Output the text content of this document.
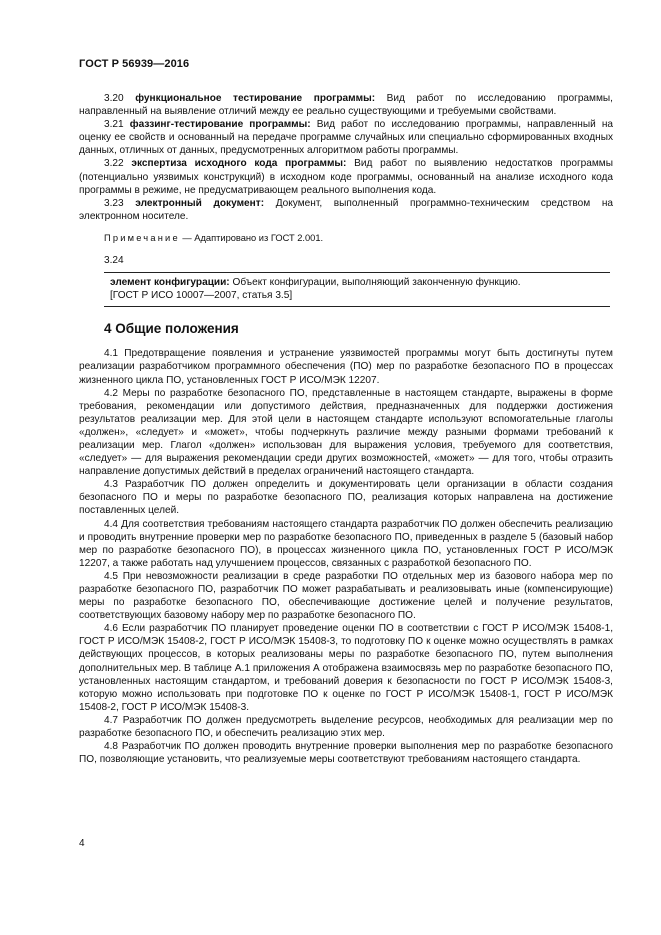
ГОСТ Р 56939—2016

3.20 функциональное тестирование программы: Вид работ по исследованию программы, направленный на выявление отличий между ее реально существующими и требуемыми свойствами.

3.21 фаззинг-тестирование программы: Вид работ по исследованию программы, направленный на оценку ее свойств и основанный на передаче программе случайных или специально сформированных входных данных, отличных от данных, предусмотренных алгоритмом работы программы.

3.22 экспертиза исходного кода программы: Вид работ по выявлению недостатков программы (потенциально уязвимых конструкций) в исходном коде программы, основанный на анализе исходного кода программы в режиме, не предусматривающем реального выполнения кода.

3.23 электронный документ: Документ, выполненный программно-техническим средством на электронном носителе.

Примечание — Адаптировано из ГОСТ 2.001.

3.24

элемент конфигурации: Объект конфигурации, выполняющий законченную функцию.

[ГОСТ Р ИСО 10007—2007, статья 3.5]

4 Общие положения

4.1 Предотвращение появления и устранение уязвимостей программы могут быть достигнуты путем реализации разработчиком программного обеспечения (ПО) мер по разработке безопасного ПО в процессах жизненного цикла ПО, установленных ГОСТ Р ИСО/МЭК 12207.

4.2 Меры по разработке безопасного ПО, представленные в настоящем стандарте, выражены в форме требования, рекомендации или допустимого действия, предназначенных для поддержки достижения результатов реализации мер. Для этой цели в настоящем стандарте используют вспомогательные глаголы «должен», «следует» и «может», чтобы подчеркнуть различие между разными формами требований к реализации мер. Глагол «должен» использован для выражения условия, требуемого для соответствия, «следует» — для выражения рекомендации среди других возможностей, «может» — для того, чтобы отразить направление допустимых действий в пределах ограничений настоящего стандарта.

4.3 Разработчик ПО должен определить и документировать цели организации в области создания безопасного ПО и меры по разработке безопасного ПО, реализация которых направлена на достижение поставленных целей.

4.4 Для соответствия требованиям настоящего стандарта разработчик ПО должен обеспечить реализацию и проводить внутренние проверки мер по разработке безопасного ПО, приведенных в разделе 5 (базовый набор мер по разработке безопасного ПО), в процессах жизненного цикла ПО, установленных ГОСТ Р ИСО/МЭК 12207, а также работать над улучшением процессов, связанных с разработкой безопасного ПО.

4.5 При невозможности реализации в среде разработки ПО отдельных мер из базового набора мер по разработке безопасного ПО, разработчик ПО может разрабатывать и реализовывать иные (компенсирующие) меры по разработке безопасного ПО, обеспечивающие достижение целей и получение результатов, соответствующих базовому набору мер по разработке безопасного ПО.

4.6 Если разработчик ПО планирует проведение оценки ПО в соответствии с ГОСТ Р ИСО/МЭК 15408-1, ГОСТ Р ИСО/МЭК 15408-2, ГОСТ Р ИСО/МЭК 15408-3, то подготовку ПО к оценке можно осуществлять в рамках действующих процессов, в которых реализованы меры по разработке безопасного ПО, путем выполнения дополнительных мер. В таблице А.1 приложения А отображена взаимосвязь мер по разработке безопасного ПО, установленных настоящим стандартом, и требований доверия к безопасности по ГОСТ Р ИСО/МЭК 15408-3, которую можно использовать при подготовке ПО к оценке по ГОСТ Р ИСО/МЭК 15408-1, ГОСТ Р ИСО/МЭК 15408-2, ГОСТ Р ИСО/МЭК 15408-3.

4.7 Разработчик ПО должен предусмотреть выделение ресурсов, необходимых для реализации мер по разработке безопасного ПО, и обеспечить реализацию этих мер.

4.8 Разработчик ПО должен проводить внутренние проверки выполнения мер по разработке безопасного ПО, позволяющие установить, что реализуемые меры соответствуют требованиям настоящего стандарта.

4
